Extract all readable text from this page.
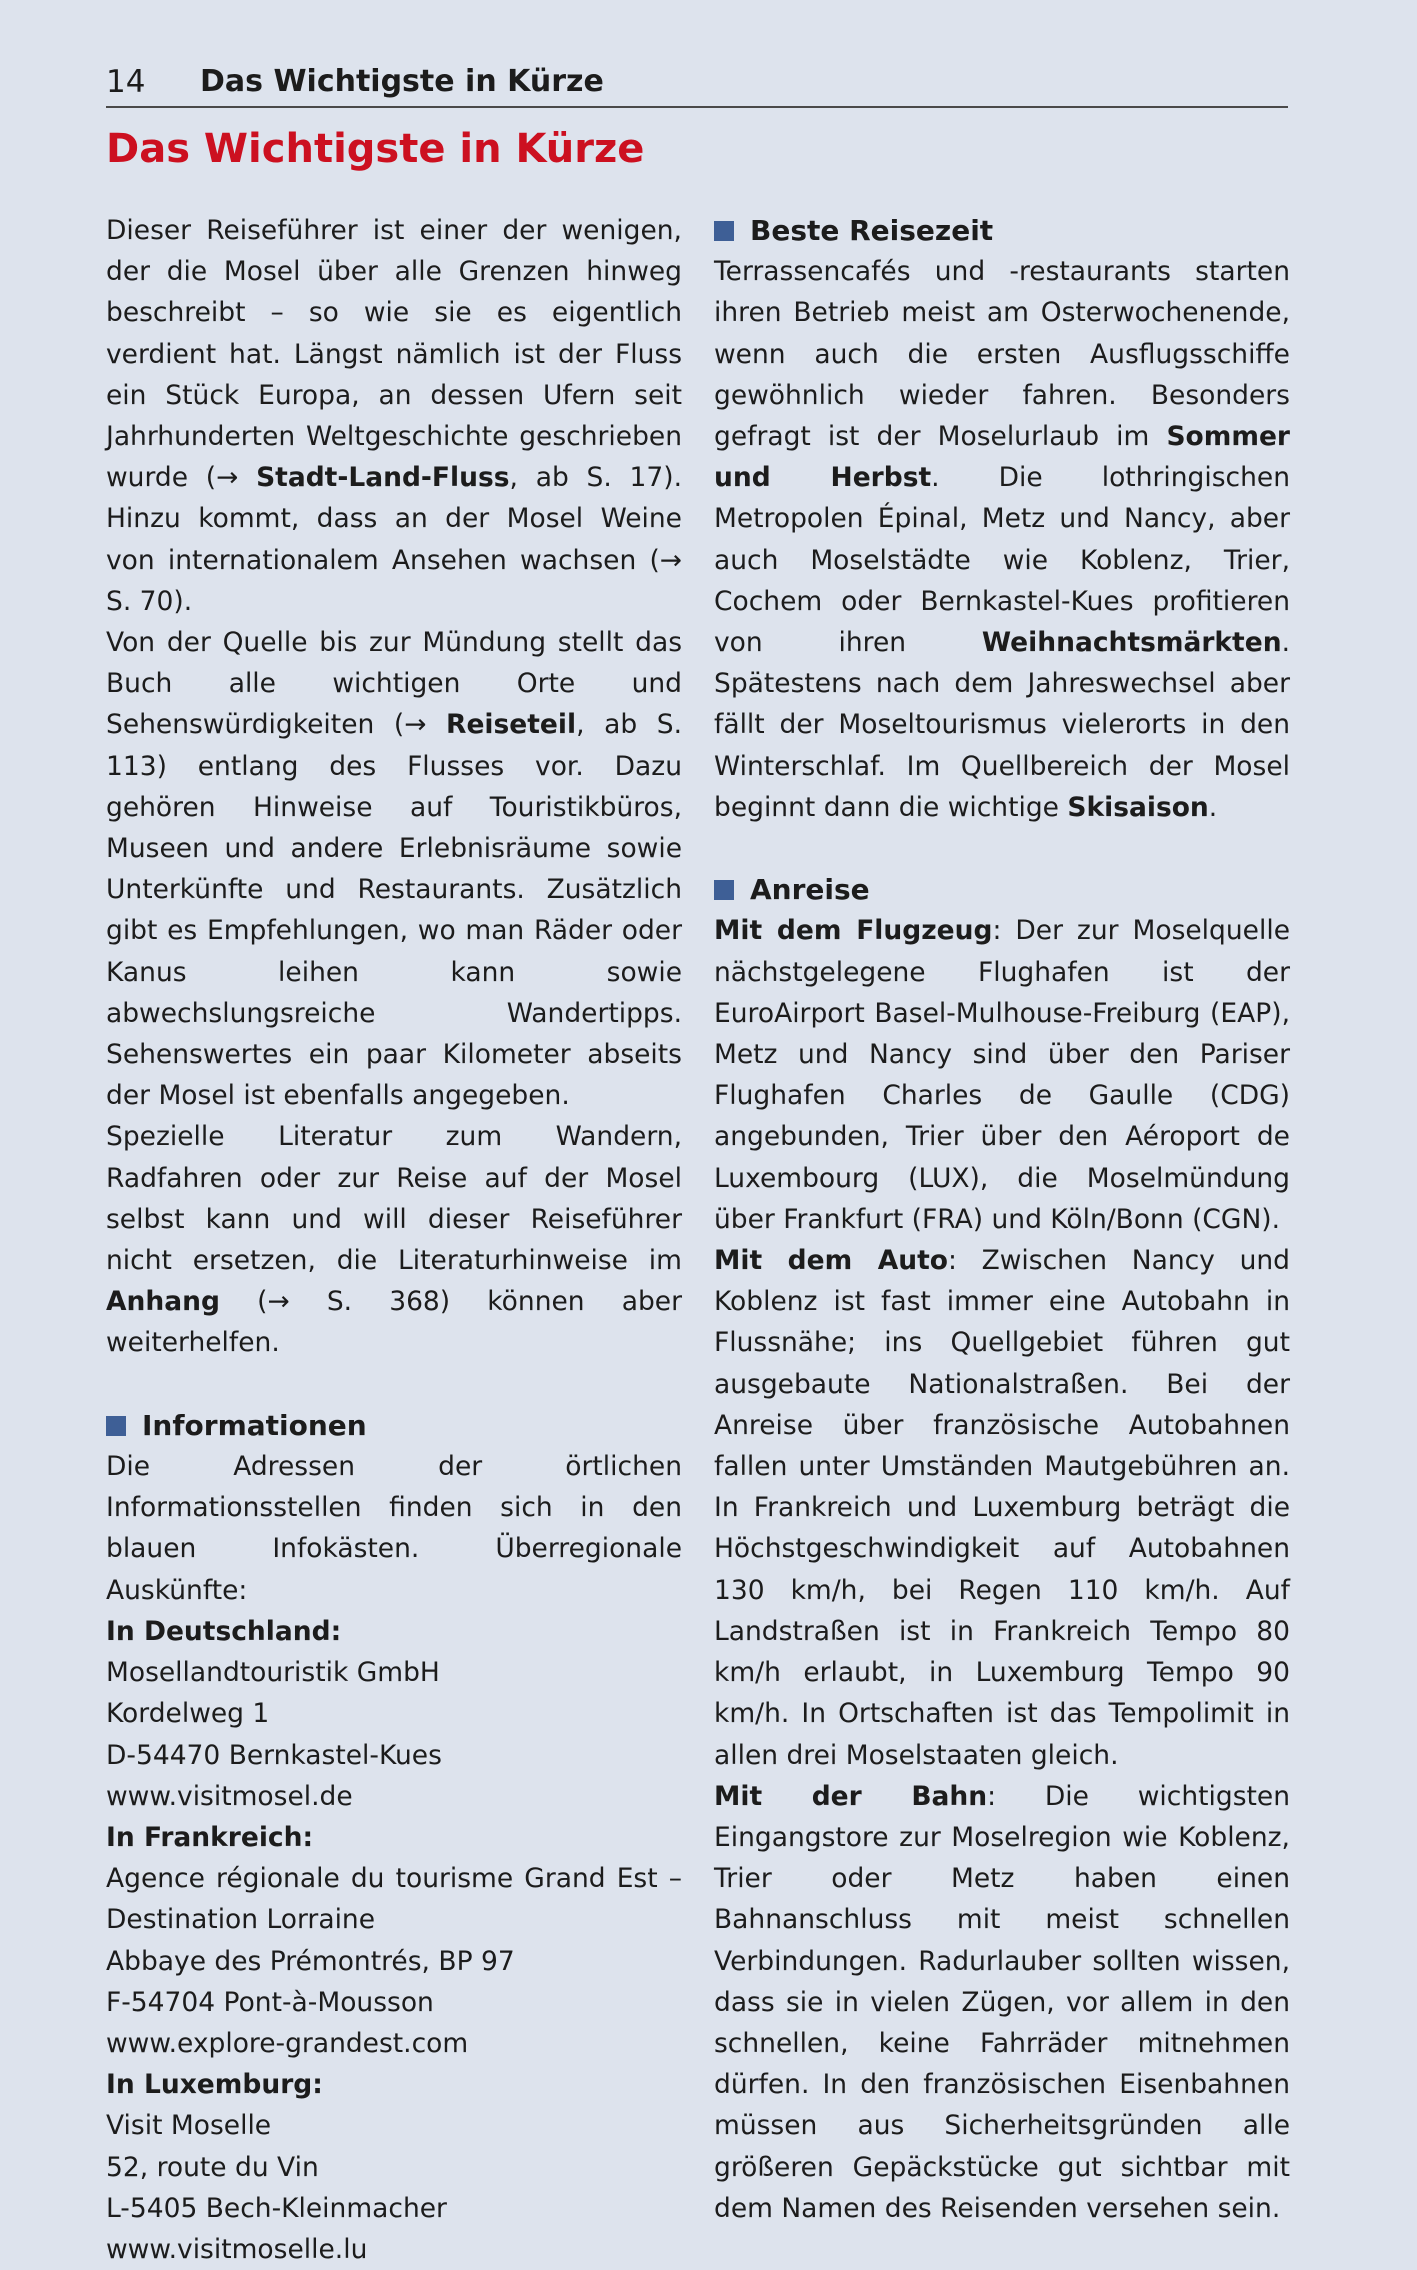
14 Das Wichtigste in Kürze
Das Wichtigste in Kürze

Dieser Reiseführer ist einer der wenigen, der die Mosel über alle Grenzen hinweg beschreibt – so wie sie es eigentlich verdient hat. Längst nämlich ist der Fluss ein Stück Europa, an dessen Ufern seit Jahrhunderten Weltgeschichte geschrieben wurde (→ Stadt-Land-Fluss, ab S. 17). Hinzu kommt, dass an der Mosel Weine von internationalem Ansehen wachsen (→ S. 70).

Von der Quelle bis zur Mündung stellt das Buch alle wichtigen Orte und Sehenswürdigkeiten (→ Reiseteil, ab S. 113) entlang des Flusses vor. Dazu gehören Hinweise auf Touristikbüros, Museen und andere Erlebnisräume sowie Unterkünfte und Restaurants. Zusätzlich gibt es Empfehlungen, wo man Räder oder Kanus leihen kann sowie abwechslungsreiche Wandertipps. Sehenswertes ein paar Kilometer abseits der Mosel ist ebenfalls angegeben.

Spezielle Literatur zum Wandern, Radfahren oder zur Reise auf der Mosel selbst kann und will dieser Reiseführer nicht ersetzen, die Literaturhinweise im Anhang (→ S. 368) können aber weiterhelfen.

Informationen

Die Adressen der örtlichen Informationsstellen finden sich in den blauen Infokästen. Überregionale Auskünfte:

In Deutschland:
Mosellandtouristik GmbH
Kordelweg 1
D-54470 Bernkastel-Kues
www.visitmosel.de

In Frankreich:
Agence régionale du tourisme Grand Est – Destination Lorraine
Abbaye des Prémontrés, BP 97
F-54704 Pont-à-Mousson
www.explore-grandest.com

In Luxemburg:
Visit Moselle
52, route du Vin
L-5405 Bech-Kleinmacher
www.visitmoselle.lu

Beste Reisezeit

Terrassencafés und -restaurants starten ihren Betrieb meist am Osterwochenende, wenn auch die ersten Ausflugsschiffe gewöhnlich wieder fahren. Besonders gefragt ist der Moselurlaub im Sommer und Herbst. Die lothringischen Metropolen Épinal, Metz und Nancy, aber auch Moselstädte wie Koblenz, Trier, Cochem oder Bernkastel-Kues profitieren von ihren Weihnachtsmärkten. Spätestens nach dem Jahreswechsel aber fällt der Moseltourismus vielerorts in den Winterschlaf. Im Quellbereich der Mosel beginnt dann die wichtige Skisaison.

Anreise

Mit dem Flugzeug: Der zur Moselquelle nächstgelegene Flughafen ist der EuroAirport Basel-Mulhouse-Freiburg (EAP), Metz und Nancy sind über den Pariser Flughafen Charles de Gaulle (CDG) angebunden, Trier über den Aéroport de Luxembourg (LUX), die Moselmündung über Frankfurt (FRA) und Köln/Bonn (CGN).

Mit dem Auto: Zwischen Nancy und Koblenz ist fast immer eine Autobahn in Flussnähe; ins Quellgebiet führen gut ausgebaute Nationalstraßen. Bei der Anreise über französische Autobahnen fallen unter Umständen Mautgebühren an. In Frankreich und Luxemburg beträgt die Höchstgeschwindigkeit auf Autobahnen 130 km/h, bei Regen 110 km/h. Auf Landstraßen ist in Frankreich Tempo 80 km/h erlaubt, in Luxemburg Tempo 90 km/h. In Ortschaften ist das Tempolimit in allen drei Moselstaaten gleich.

Mit der Bahn: Die wichtigsten Eingangstore zur Moselregion wie Koblenz, Trier oder Metz haben einen Bahnanschluss mit meist schnellen Verbindungen. Radurlauber sollten wissen, dass sie in vielen Zügen, vor allem in den schnellen, keine Fahrräder mitnehmen dürfen. In den französischen Eisenbahnen müssen aus Sicherheitsgründen alle größeren Gepäckstücke gut sichtbar mit dem Namen des Reisenden versehen sein.
